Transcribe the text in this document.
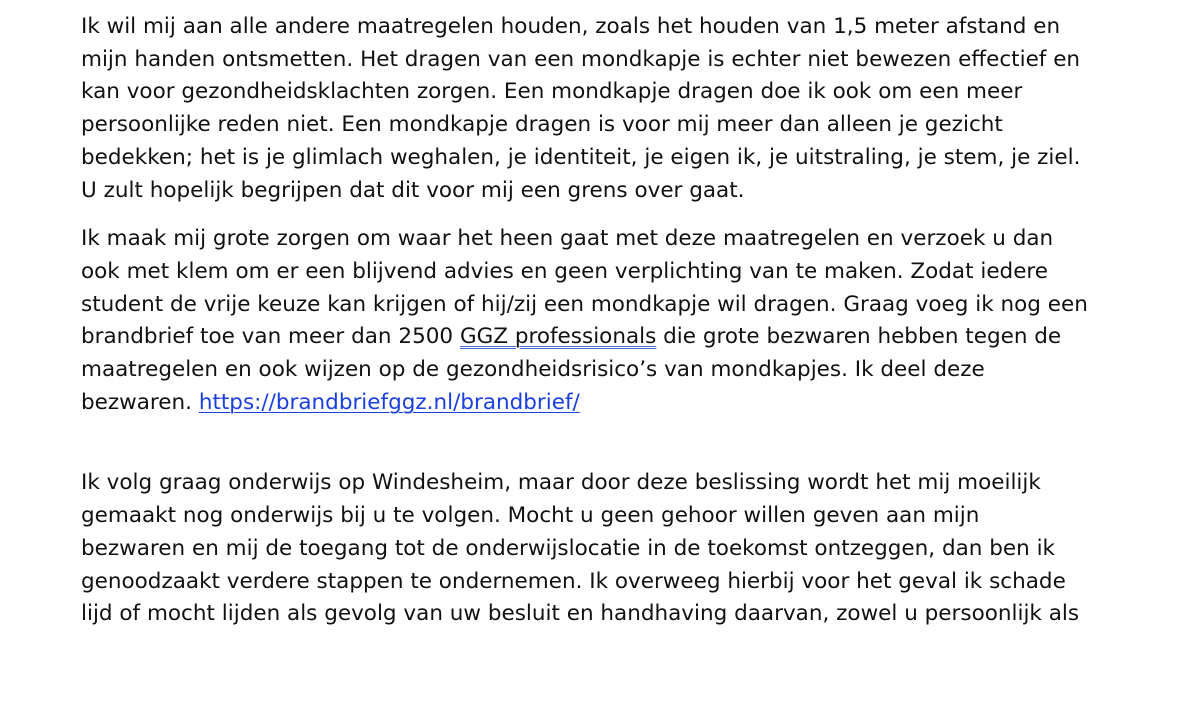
Ik wil mij aan alle andere maatregelen houden, zoals het houden van 1,5 meter afstand en
mijn handen ontsmetten. Het dragen van een mondkapje is echter niet bewezen effectief en
kan voor gezondheidsklachten zorgen. Een mondkapje dragen doe ik ook om een meer
persoonlijke reden niet. Een mondkapje dragen is voor mij meer dan alleen je gezicht
bedekken; het is je glimlach weghalen, je identiteit, je eigen ik, je uitstraling, je stem, je ziel.
U zult hopelijk begrijpen dat dit voor mij een grens over gaat.

Ik maak mij grote zorgen om waar het heen gaat met deze maatregelen en verzoek u dan
ook met klem om er een blijvend advies en geen verplichting van te maken. Zodat iedere
student de vrije keuze kan krijgen of hij/zij een mondkapje wil dragen. Graag voeg ik nog een
brandbrief toe van meer dan 2500 GGZ professionals die grote bezwaren hebben tegen de
maatregelen en ook wijzen op de gezondheidsrisico’s van mondkapjes. Ik deel deze
bezwaren. https://brandbriefggz.nl/brandbrief/

Ik volg graag onderwijs op Windesheim, maar door deze beslissing wordt het mij moeilijk
gemaakt nog onderwijs bij u te volgen. Mocht u geen gehoor willen geven aan mijn
bezwaren en mij de toegang tot de onderwijslocatie in de toekomst ontzeggen, dan ben ik
genoodzaakt verdere stappen te ondernemen. Ik overweeg hierbij voor het geval ik schade
lijd of mocht lijden als gevolg van uw besluit en handhaving daarvan, zowel u persoonlijk als
